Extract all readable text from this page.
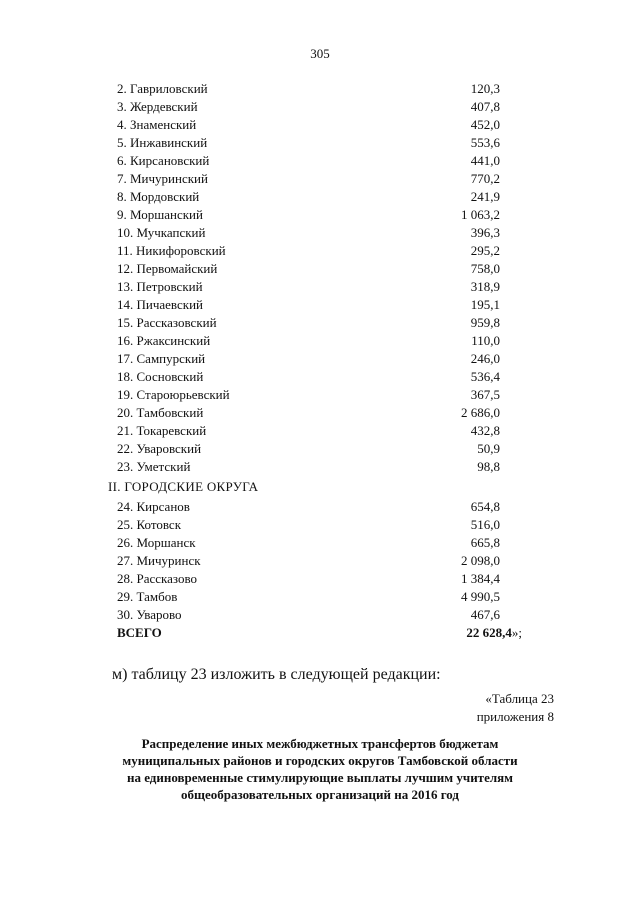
305
2. Гавриловский	120,3
3. Жердевский	407,8
4. Знаменский	452,0
5. Инжавинский	553,6
6. Кирсановский	441,0
7. Мичуринский	770,2
8. Мордовский	241,9
9. Моршанский	1 063,2
10. Мучкапский	396,3
11. Никифоровский	295,2
12. Первомайский	758,0
13. Петровский	318,9
14. Пичаевский	195,1
15. Рассказовский	959,8
16. Ржаксинский	110,0
17. Сампурский	246,0
18. Сосновский	536,4
19. Староюрьевский	367,5
20. Тамбовский	2 686,0
21. Токаревский	432,8
22. Уваровский	50,9
23. Уметский	98,8
II. ГОРОДСКИЕ ОКРУГА
24. Кирсанов	654,8
25. Котовск	516,0
26. Моршанск	665,8
27. Мичуринск	2 098,0
28. Рассказово	1 384,4
29. Тамбов	4 990,5
30. Уварово	467,6
ВСЕГО	22 628,4»;
м) таблицу 23 изложить в следующей редакции:
«Таблица 23
приложения 8
Распределение иных межбюджетных трансфертов бюджетам
муниципальных районов и городских округов Тамбовской области
на единовременные стимулирующие выплаты лучшим учителям
общеобразовательных организаций на 2016 год
